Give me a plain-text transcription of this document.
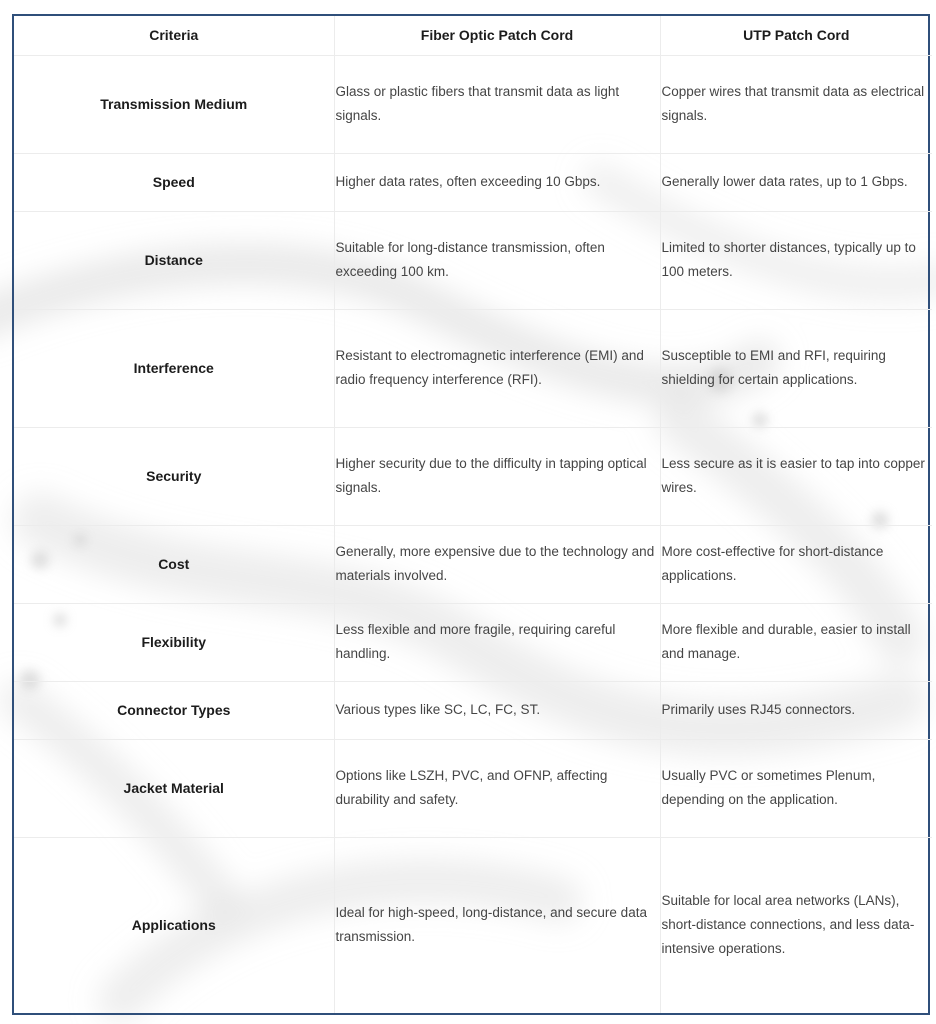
Criteria	Fiber Optic Patch Cord	UTP Patch Cord
Transmission Medium	Glass or plastic fibers that transmit data as light signals.	Copper wires that transmit data as electrical signals.
Speed	Higher data rates, often exceeding 10 Gbps.	Generally lower data rates, up to 1 Gbps.
Distance	Suitable for long-distance transmission, often exceeding 100 km.	Limited to shorter distances, typically up to 100 meters.
Interference	Resistant to electromagnetic interference (EMI) and radio frequency interference (RFI).	Susceptible to EMI and RFI, requiring shielding for certain applications.
Security	Higher security due to the difficulty in tapping optical signals.	Less secure as it is easier to tap into copper wires.
Cost	Generally, more expensive due to the technology and materials involved.	More cost-effective for short-distance applications.
Flexibility	Less flexible and more fragile, requiring careful handling.	More flexible and durable, easier to install and manage.
Connector Types	Various types like SC, LC, FC, ST.	Primarily uses RJ45 connectors.
Jacket Material	Options like LSZH, PVC, and OFNP, affecting durability and safety.	Usually PVC or sometimes Plenum, depending on the application.
Applications	Ideal for high-speed, long-distance, and secure data transmission.	Suitable for local area networks (LANs), short-distance connections, and less data-intensive operations.
